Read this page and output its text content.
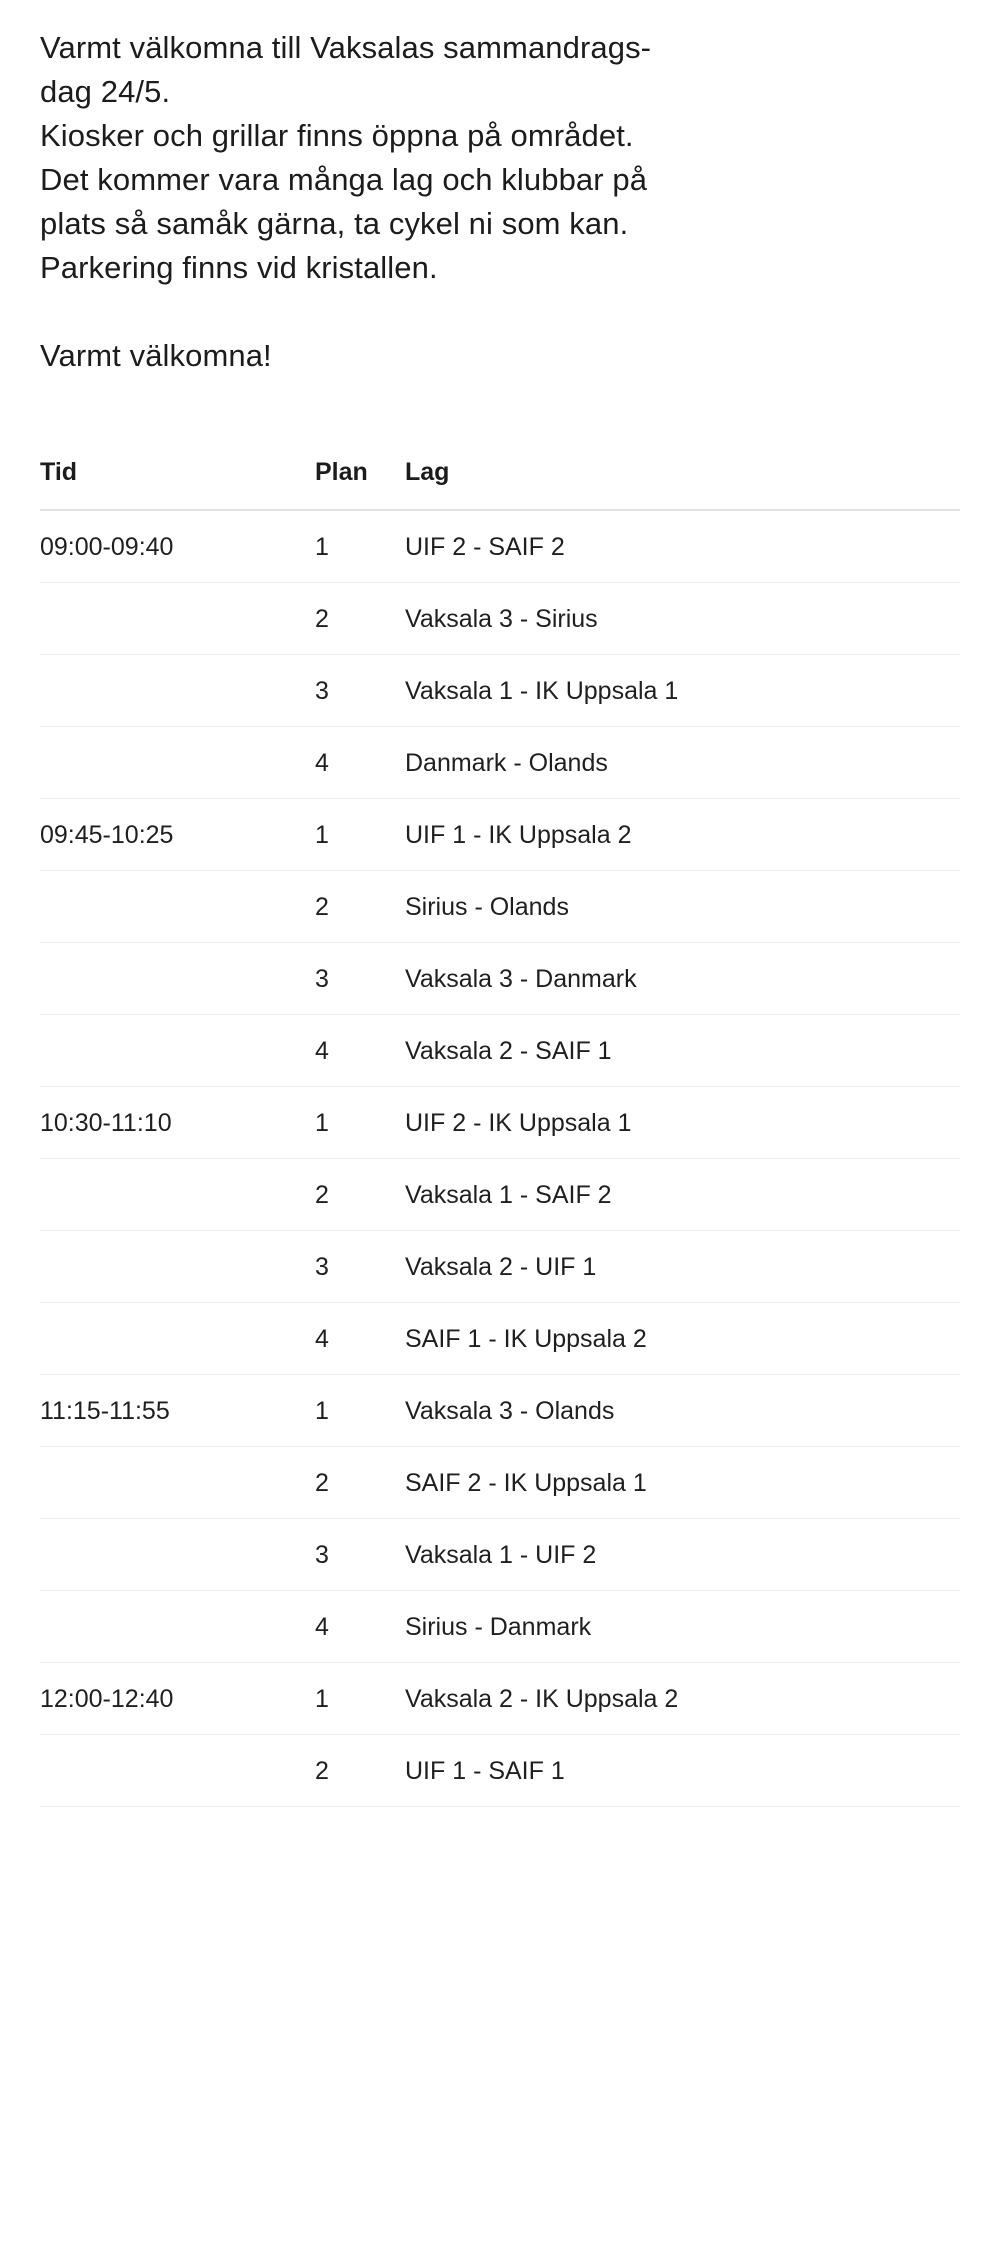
Varmt välkomna till Vaksalas sammandrags-

dag 24/5.

Kiosker och grillar finns öppna på området.

Det kommer vara många lag och klubbar på

plats så samåk gärna, ta cykel ni som kan.

Parkering finns vid kristallen.

Varmt välkomna!

Tid	Plan	Lag
09:00-09:40	1	UIF 2 - SAIF 2
	2	Vaksala 3 - Sirius
	3	Vaksala 1 - IK Uppsala 1
	4	Danmark - Olands
09:45-10:25	1	UIF 1 - IK Uppsala 2
	2	Sirius - Olands
	3	Vaksala 3 - Danmark
	4	Vaksala 2 - SAIF 1
10:30-11:10	1	UIF 2 - IK Uppsala 1
	2	Vaksala 1 - SAIF 2
	3	Vaksala 2 - UIF 1
	4	SAIF 1 - IK Uppsala 2
11:15-11:55	1	Vaksala 3 - Olands
	2	SAIF 2 - IK Uppsala 1
	3	Vaksala 1 - UIF 2
	4	Sirius - Danmark
12:00-12:40	1	Vaksala 2 - IK Uppsala 2
	2	UIF 1 - SAIF 1
